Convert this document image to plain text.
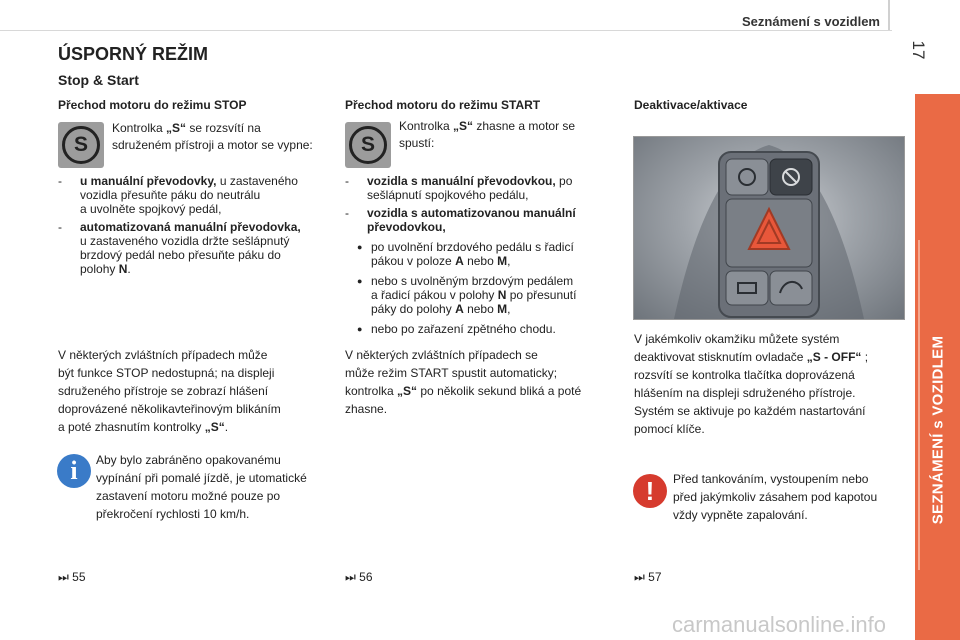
Seznámení s vozidlem
17
SEZNÁMENÍ s VOZIDLEM
ÚSPORNÝ REŽIM
Stop & Start
Přechod motoru do režimu STOP
S
Kontrolka „S“ se rozsvítí na
sdruženém přístroji a motor se vypne:
- u manuální převodovky, u zastaveného
vozidla přesuňte páku do neutrálu
a uvolněte spojkový pedál,
- automatizovaná manuální převodovka,
u zastaveného vozidla držte sešlápnutý
brzdový pedál nebo přesuňte páku do
polohy N.
V některých zvláštních případech může
být funkce STOP nedostupná; na displeji
sdruženého přístroje se zobrazí hlášení
doprovázené několikavteřinovým blikáním
a poté zhasnutím kontrolky „S“.
i	Aby bylo zabráněno opakovanému
vypínání při pomalé jízdě, je utomatické
zastavení motoru možné pouze po
překročení rychlosti 10 km/h.
⏭ 55
Přechod motoru do režimu START
S
Kontrolka „S“ zhasne a motor se
spustí:
- vozidla s manuální převodovkou, po
sešlápnutí spojkového pedálu,
- vozidla s automatizovanou manuální
převodovkou,
● po uvolnění brzdového pedálu s řadicí
pákou v poloze A nebo M,
● nebo s uvolněným brzdovým pedálem
a řadicí pákou v polohy N po přesunutí
páky do polohy A nebo M,
● nebo po zařazení zpětného chodu.
V některých zvláštních případech se
může režim START spustit automaticky;
kontrolka „S“ po několik sekund bliká a poté
zhasne.
⏭ 56
Deaktivace/aktivace
V jakémkoliv okamžiku můžete systém
deaktivovat stisknutím ovladače „S - OFF“ ;
rozsvítí se kontrolka tlačítka doprovázená
hlášením na displeji sdruženého přístroje.
Systém se aktivuje po každém nastartování
pomocí klíče.
!	Před tankováním, vystoupením nebo
před jakýmkoliv zásahem pod kapotou
vždy vypněte zapalování.
⏭ 57
carmanualsonline.info
